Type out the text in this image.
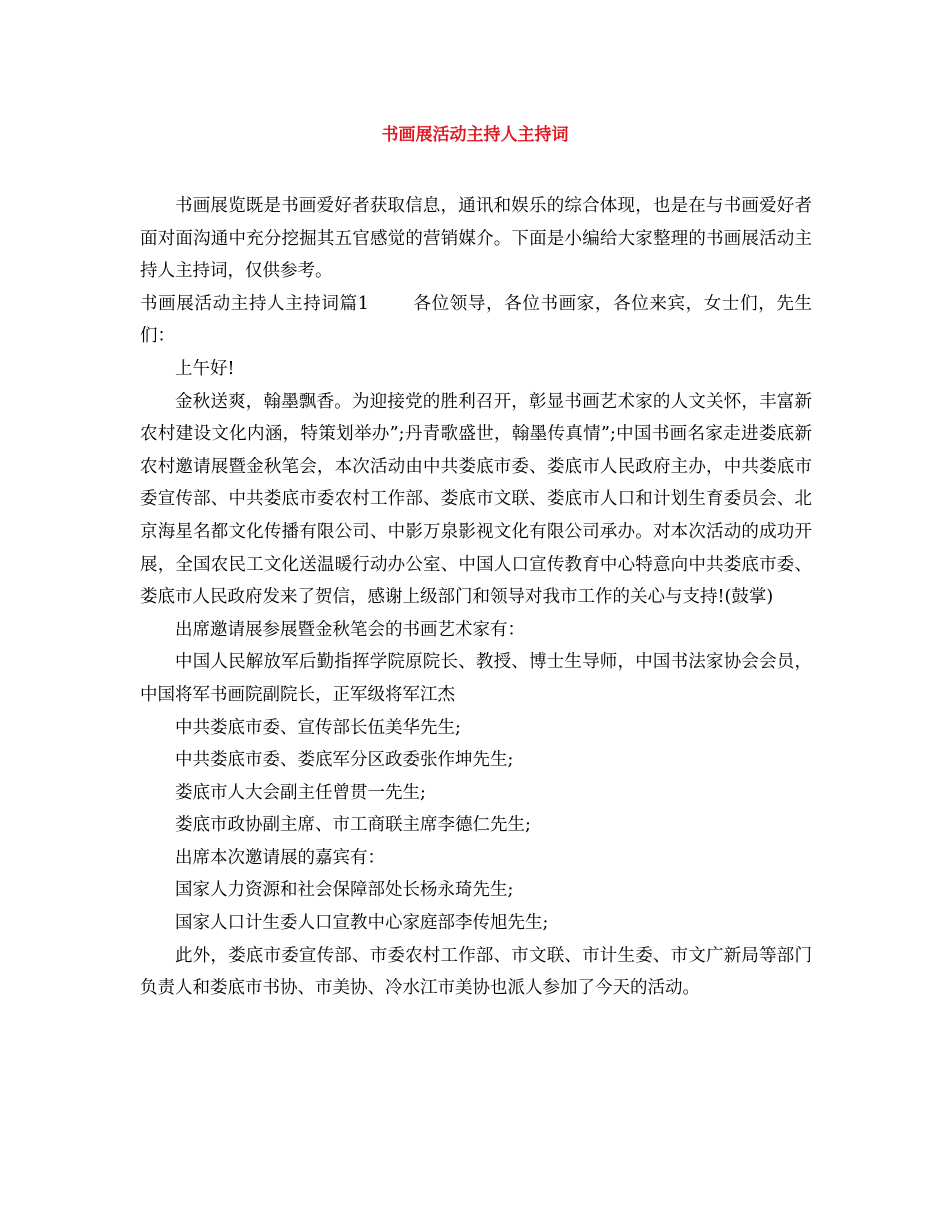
书画展活动主持人主持词

书画展览既是书画爱好者获取信息，通讯和娱乐的综合体现，也是在与书画爱好者面对面沟通中充分挖掘其五官感觉的营销媒介。下面是小编给大家整理的书画展活动主持人主持词，仅供参考。

书画展活动主持人主持词篇1	各位领导，各位书画家，各位来宾，女士们，先生们：

上午好!

金秋送爽，翰墨飘香。为迎接党的胜利召开，彰显书画艺术家的人文关怀，丰富新农村建设文化内涵，特策划举办”;丹青歌盛世，翰墨传真情”;中国书画名家走进娄底新农村邀请展暨金秋笔会，本次活动由中共娄底市委、娄底市人民政府主办，中共娄底市委宣传部、中共娄底市委农村工作部、娄底市文联、娄底市人口和计划生育委员会、北京海星名都文化传播有限公司、中影万泉影视文化有限公司承办。对本次活动的成功开展，全国农民工文化送温暖行动办公室、中国人口宣传教育中心特意向中共娄底市委、娄底市人民政府发来了贺信，感谢上级部门和领导对我市工作的关心与支持!(鼓掌)

出席邀请展参展暨金秋笔会的书画艺术家有：

中国人民解放军后勤指挥学院原院长、教授、博士生导师，中国书法家协会会员，中国将军书画院副院长，正军级将军江杰

中共娄底市委、宣传部长伍美华先生;

中共娄底市委、娄底军分区政委张作坤先生;

娄底市人大会副主任曾贯一先生;

娄底市政协副主席、市工商联主席李德仁先生;

出席本次邀请展的嘉宾有：

国家人力资源和社会保障部处长杨永琦先生;

国家人口计生委人口宣教中心家庭部李传旭先生;

此外，娄底市委宣传部、市委农村工作部、市文联、市计生委、市文广新局等部门负责人和娄底市书协、市美协、冷水江市美协也派人参加了今天的活动。
